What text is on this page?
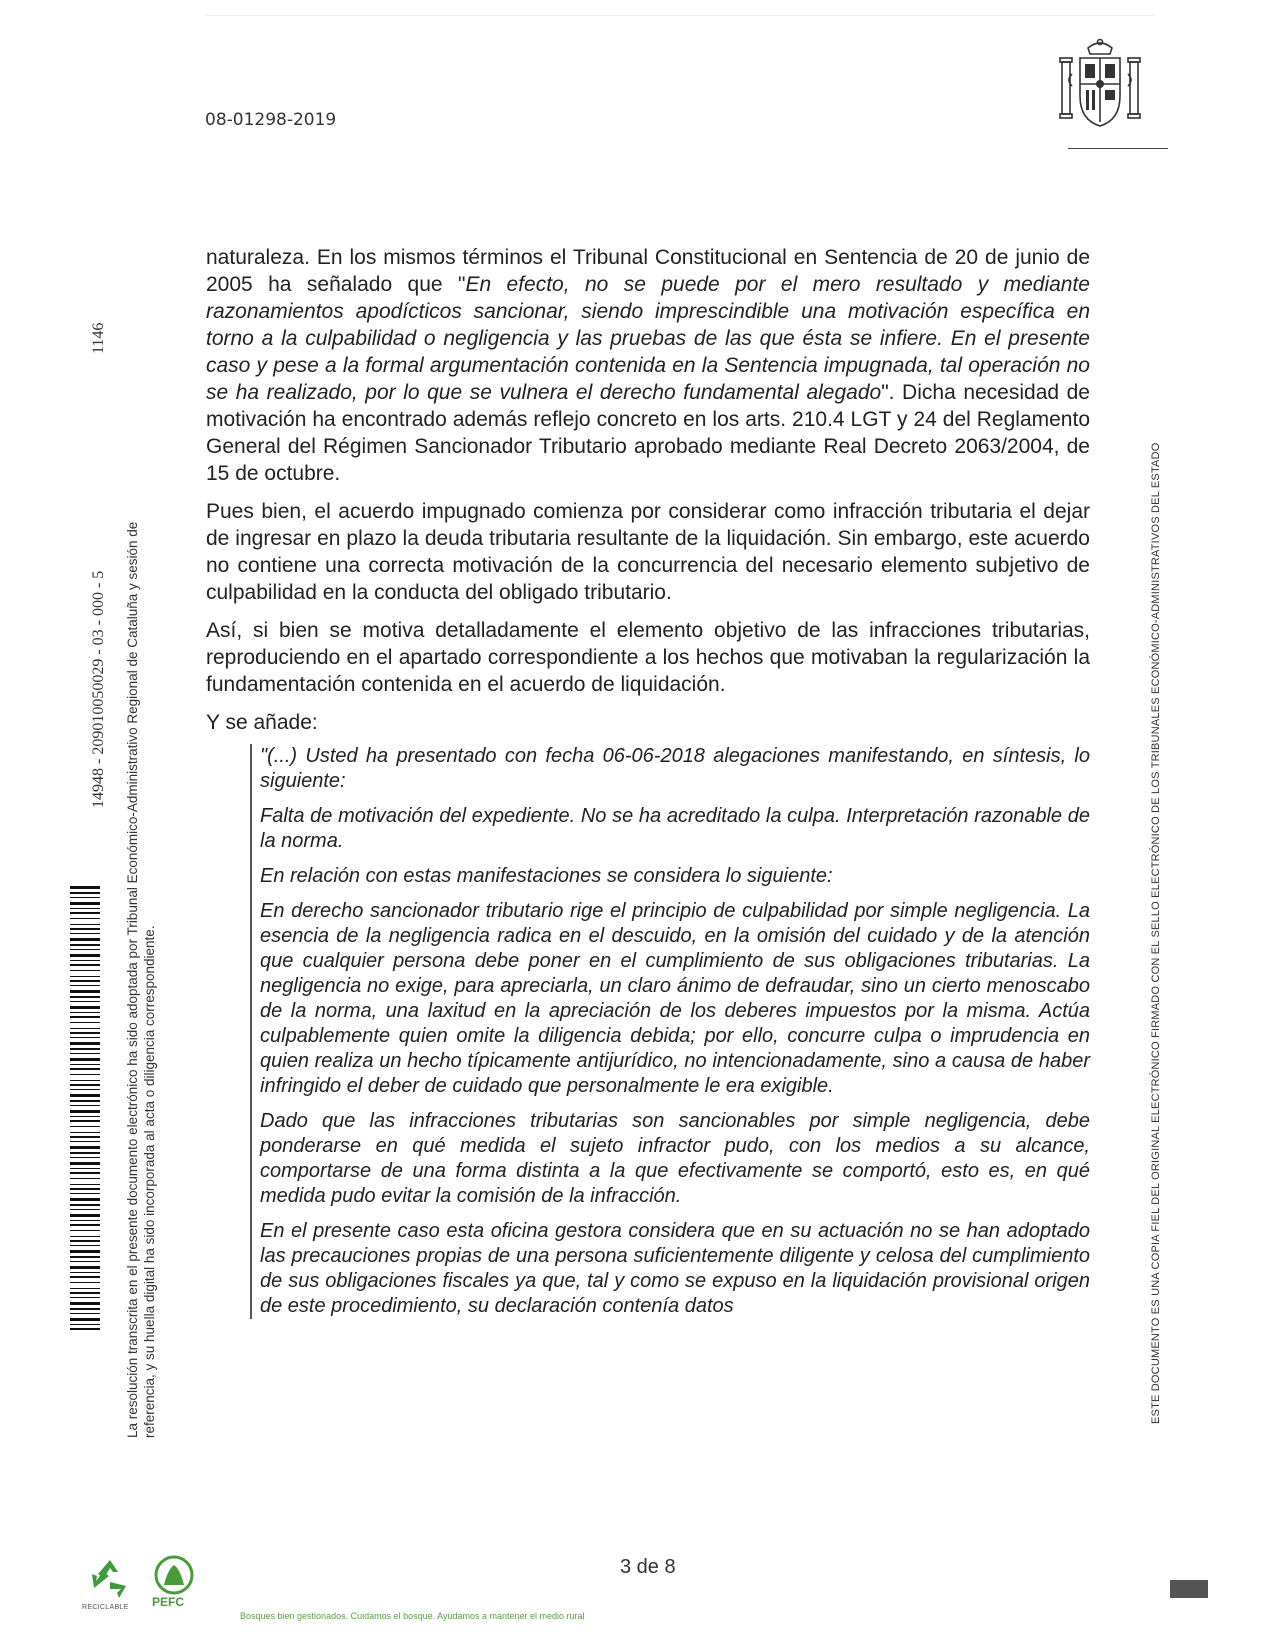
08-01298-2019

naturaleza. En los mismos términos el Tribunal Constitucional en Sentencia de 20 de junio de 2005 ha señalado que "En efecto, no se puede por el mero resultado y mediante razonamientos apodícticos sancionar, siendo imprescindible una motivación específica en torno a la culpabilidad o negligencia y las pruebas de las que ésta se infiere. En el presente caso y pese a la formal argumentación contenida en la Sentencia impugnada, tal operación no se ha realizado, por lo que se vulnera el derecho fundamental alegado". Dicha necesidad de motivación ha encontrado además reflejo concreto en los arts. 210.4 LGT y 24 del Reglamento General del Régimen Sancionador Tributario aprobado mediante Real Decreto 2063/2004, de 15 de octubre.

Pues bien, el acuerdo impugnado comienza por considerar como infracción tributaria el dejar de ingresar en plazo la deuda tributaria resultante de la liquidación. Sin embargo, este acuerdo no contiene una correcta motivación de la concurrencia del necesario elemento subjetivo de culpabilidad en la conducta del obligado tributario.

Así, si bien se motiva detalladamente el elemento objetivo de las infracciones tributarias, reproduciendo en el apartado correspondiente a los hechos que motivaban la regularización la fundamentación contenida en el acuerdo de liquidación.

Y se añade:

"(...) Usted ha presentado con fecha 06-06-2018 alegaciones manifestando, en síntesis, lo siguiente:

Falta de motivación del expediente. No se ha acreditado la culpa. Interpretación razonable de la norma.

En relación con estas manifestaciones se considera lo siguiente:

En derecho sancionador tributario rige el principio de culpabilidad por simple negligencia. La esencia de la negligencia radica en el descuido, en la omisión del cuidado y de la atención que cualquier persona debe poner en el cumplimiento de sus obligaciones tributarias. La negligencia no exige, para apreciarla, un claro ánimo de defraudar, sino un cierto menoscabo de la norma, una laxitud en la apreciación de los deberes impuestos por la misma. Actúa culpablemente quien omite la diligencia debida; por ello, concurre culpa o imprudencia en quien realiza un hecho típicamente antijurídico, no intencionadamente, sino a causa de haber infringido el deber de cuidado que personalmente le era exigible.

Dado que las infracciones tributarias son sancionables por simple negligencia, debe ponderarse en qué medida el sujeto infractor pudo, con los medios a su alcance, comportarse de una forma distinta a la que efectivamente se comportó, esto es, en qué medida pudo evitar la comisión de la infracción.

En el presente caso esta oficina gestora considera que en su actuación no se han adoptado las precauciones propias de una persona suficientemente diligente y celosa del cumplimiento de sus obligaciones fiscales ya que, tal y como se expuso en la liquidación provisional origen de este procedimiento, su declaración contenía datos

14948 - 209010050029 - 03 - 000 - 5
1146
La resolución transcrita en el presente documento electrónico ha sido adoptada por Tribunal Económico-Administrativo Regional de Cataluña y sesión de referencia, y su huella digital ha sido incorporada al acta o diligencia correspondiente.	ESTE DOCUMENTO ES UNA COPIA FIEL DEL ORIGINAL ELECTRÓNICO FIRMADO CON EL SELLO ELECTRÓNICO DE LOS TRIBUNALES ECONÓMICO-ADMINISTRATIVOS DEL ESTADO
RECICLABLE PEFC
Bosques bien gestionados. Cuidamos el bosque. Ayudamos a mantener el medio rural
3 de 8
